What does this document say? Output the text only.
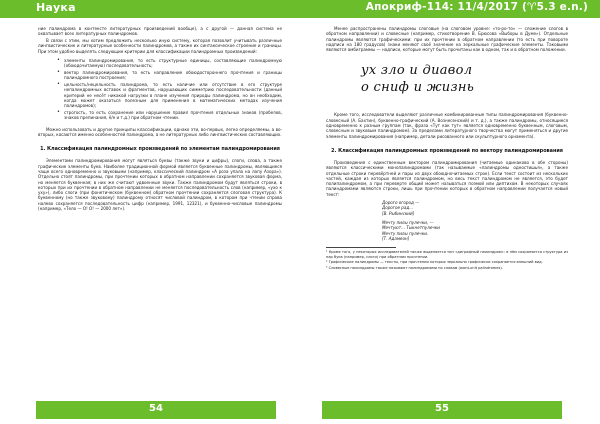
Наука

ние палиндрома в контексте литературных произведений вообще), а с другой — данная система не охватывает всех литературных палиндромов.

В связи с этим, мы хотим предложить несколько иную систему, которая позволит учитывать различные лингвистические и литературные особенности палиндромов, а также их синтаксическое строение и границы. При этом удобно выделять следующие критерии для классификации палиндромных произведений:

• элементы палиндромирования, то есть структурные единицы, составляющие палиндромную (обоюдочитаемую) последовательность;
• вектор палиндромирования, то есть направление обоюдостороннего прочтения и границы палиндромного построения;
• цельность/нецельность палиндрома, то есть наличие или отсутствие в его структуре непалиндромных вставок и фрагментов, нарушающих симметрию последовательности (данный критерий не несёт никакой нагрузки в плане изучения природы палиндрома, но он необходим, когда может оказаться полезным для применения в математических методах изучения палиндромов);
• строгость, то есть сохранение или нарушение правил прочтения отдельных знаков (пробелов, знаков препинания, ё/е и т.д.) при обратном чтении.

Можно использовать и другие принципы классификации, однако эти, во-первых, легко определяемы, а во-вторых, касаются именно особенностей палиндрома, а не литературных либо лингвистических составляющих.

1. Классификация палиндромных произведений по элементам палиндромирования

Элементами палиндромирования могут являться буквы (также звуки и цифры), слоги, слова, а также графические элементы букв. Наиболее традиционной формой является буквенные палиндромы, являющиеся чаще всего одновременно и звуковыми (например, классический палиндром «А роза упала на лапу Азора»). Отдельно стоят палиндромы, при прочтении которых в обратном направлении сохраняется звуковая форма, но меняется буквенная; в них же считают удвоенные звуки. Также палиндромом будут являться строки, в которых при их прочтении в обратном направлении не меняется последовательность слов (например, «ухо к уху»), либо слоги (при фонетическом (буквенном) обратном прочтении сохраняется слоговая структура). К буквенному (но также звуковому) палиндрому относят числовой палиндром, в котором при чтении справа налево сохраняется последовательность цифр (например, 1991, 12321), и буквенно-числовые палиндромы (например, «Тело — О! О! — 2000 лет»).

54
Апокриф-114: 11/4/2017 (♈5.3 e.n.)

Менее распространены палиндромы слоговые (на слоговом уровне: «то-ро-то» — сложение слогов в обратном направлении) и словесные (например, стихотворение В. Брюсова «Выборы в Думе»). Отдельные палиндромы являются графическими: при их прочтении в обратном направлении (то есть при повороте надписи на 180 градусов) знаки меняют своё значение на зеркальные графические элементы. Таковыми являются амбиграммы — надписи, которые могут быть прочитаны как в одном, так и в обратном положении.

ух зло и диавол
о сниф и жизнь

Кроме того, исследователи выделяют различные комбинированные типы палиндромирования (буквенно-словесный (А. Бахтин), буквенно-графический (А. Вознесенский) и т. д.), а также палиндромы, относящиеся одновременно к разным группам (так, фраза «Тут как тут» является одновременно буквенным, слоговым, словесным и звуковым палиндромом). За пределами литературного творчества могут применяться и другие элементы палиндромирования (например, детали рисованного или скульптурного орнамента).

2. Классификация палиндромных произведений по вектору палиндромирования

Произведения с единственным вектором палиндромирования (читаемые одинаково в обе стороны) являются классическими монопалиндромами (так называемые «палиндромы одностишья», а также отдельные строки перевёртней и пары из двух обоюдночитаемых строк). Если текст состоит из нескольких частей, каждая из которых является палиндромом, но весь текст палиндромом не является, это будет полипалиндромом, а при переверте общий может называться поэмой или диптихом. В некоторых случаях палиндромами являются строки, лишь при прочтении которых в обратном направлении получается новый текст:

Дорого огород —
Дорогое рад...
[В. Рыбинский]
Мечту пилы пулечки, —
Мечтуют... Тыкнетпулечки
Мечту пилы пулечки.
[Т. Адамеон]

¹ Кроме того, у некоторых исследователей также выделяется тип «диграфный палиндром»: в нём сохраняется структура из пар букв (например, слоги) при обратном прочтении.

² Графические палиндромы — тексты, при прочтении которых зеркально графически сохраняется внешний вид.

³ Словесные палиндромы также называют палиндромами по словам (word-unit palindromes).

55
